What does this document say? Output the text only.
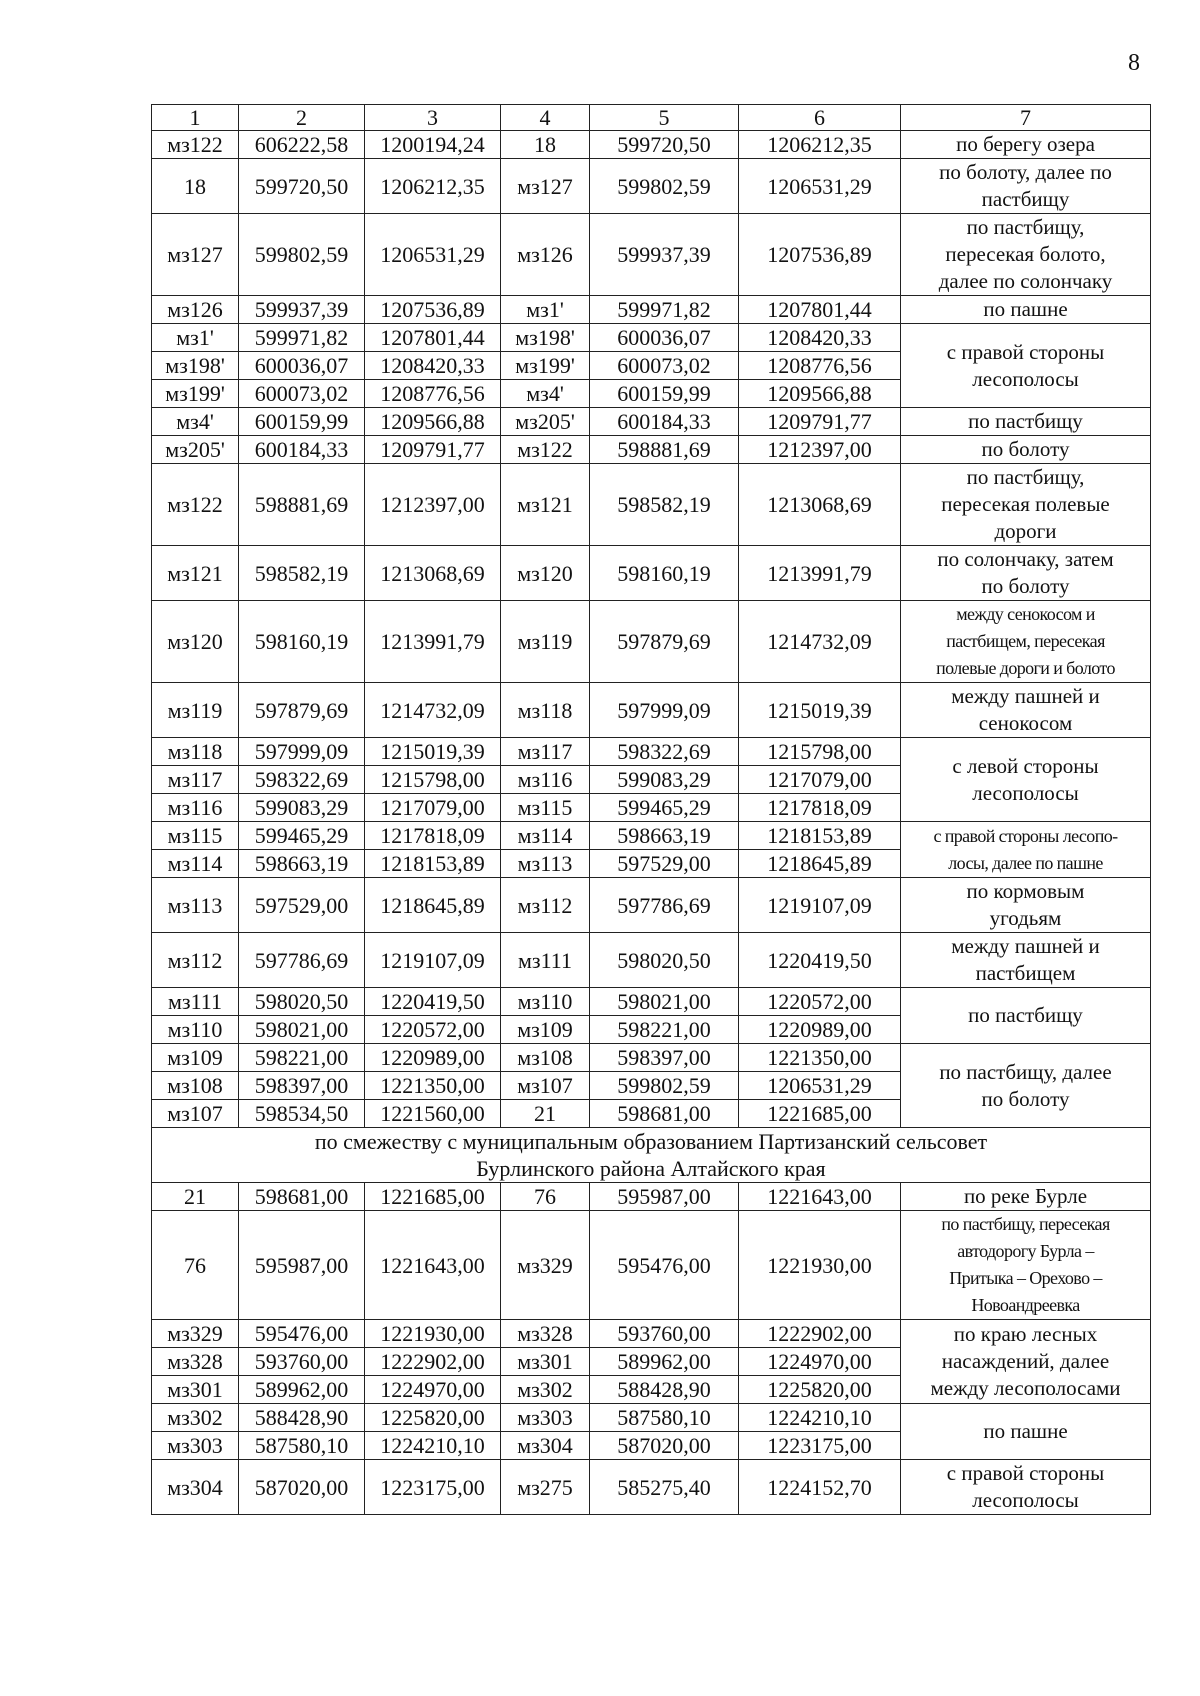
8
1	2	3	4	5	6	7
мз122	606222,58	1200194,24	18	599720,50	1206212,35	по берегу озера

18	599720,50	1206212,35	мз127	599802,59	1206531,29	по болоту, далее по
пастбищу

мз127	599802,59	1206531,29	мз126	599937,39	1207536,89	по пастбищу,
пересекая болото,
далее по солончаку

мз126	599937,39	1207536,89	мз1'	599971,82	1207801,44	по пашне

мз1'	599971,82	1207801,44	мз198'	600036,07	1208420,33	с правой стороны
лесополосы

мз198'	600036,07	1208420,33	мз199'	600073,02	1208776,56	
мз199'	600073,02	1208776,56	мз4'	600159,99	1209566,88	
мз4'	600159,99	1209566,88	мз205'	600184,33	1209791,77	по пастбищу

мз205'	600184,33	1209791,77	мз122	598881,69	1212397,00	по болоту

мз122	598881,69	1212397,00	мз121	598582,19	1213068,69	по пастбищу,
пересекая полевые
дороги

мз121	598582,19	1213068,69	мз120	598160,19	1213991,79	по солончаку, затем
по болоту

мз120	598160,19	1213991,79	мз119	597879,69	1214732,09	между сенокосом и
пастбищем, пересекая
полевые дороги и болото

мз119	597879,69	1214732,09	мз118	597999,09	1215019,39	между пашней и
сенокосом

мз118	597999,09	1215019,39	мз117	598322,69	1215798,00	с левой стороны
лесополосы

мз117	598322,69	1215798,00	мз116	599083,29	1217079,00	
мз116	599083,29	1217079,00	мз115	599465,29	1217818,09	
мз115	599465,29	1217818,09	мз114	598663,19	1218153,89	с правой стороны лесопо-
лосы, далее по пашне

мз114	598663,19	1218153,89	мз113	597529,00	1218645,89	
мз113	597529,00	1218645,89	мз112	597786,69	1219107,09	по кормовым
угодьям

мз112	597786,69	1219107,09	мз111	598020,50	1220419,50	между пашней и
пастбищем

мз111	598020,50	1220419,50	мз110	598021,00	1220572,00	по пастбищу

мз110	598021,00	1220572,00	мз109	598221,00	1220989,00	
мз109	598221,00	1220989,00	мз108	598397,00	1221350,00	по пастбищу, далее
по болоту

мз108	598397,00	1221350,00	мз107	599802,59	1206531,29	
мз107	598534,50	1221560,00	21	598681,00	1221685,00	

по смежеству с муниципальным образованием Партизанский сельсовет
Бурлинского района Алтайского края						

21	598681,00	1221685,00	76	595987,00	1221643,00	по реке Бурле

76	595987,00	1221643,00	мз329	595476,00	1221930,00	по пастбищу, пересекая
автодорогу Бурла –
Притыка – Орехово –
Новоандреевка

мз329	595476,00	1221930,00	мз328	593760,00	1222902,00	по краю лесных
насаждений, далее
между лесополосами

мз328	593760,00	1222902,00	мз301	589962,00	1224970,00	
мз301	589962,00	1224970,00	мз302	588428,90	1225820,00	
мз302	588428,90	1225820,00	мз303	587580,10	1224210,10	по пашне

мз303	587580,10	1224210,10	мз304	587020,00	1223175,00	
мз304	587020,00	1223175,00	мз275	585275,40	1224152,70	с правой стороны
лесополосы
